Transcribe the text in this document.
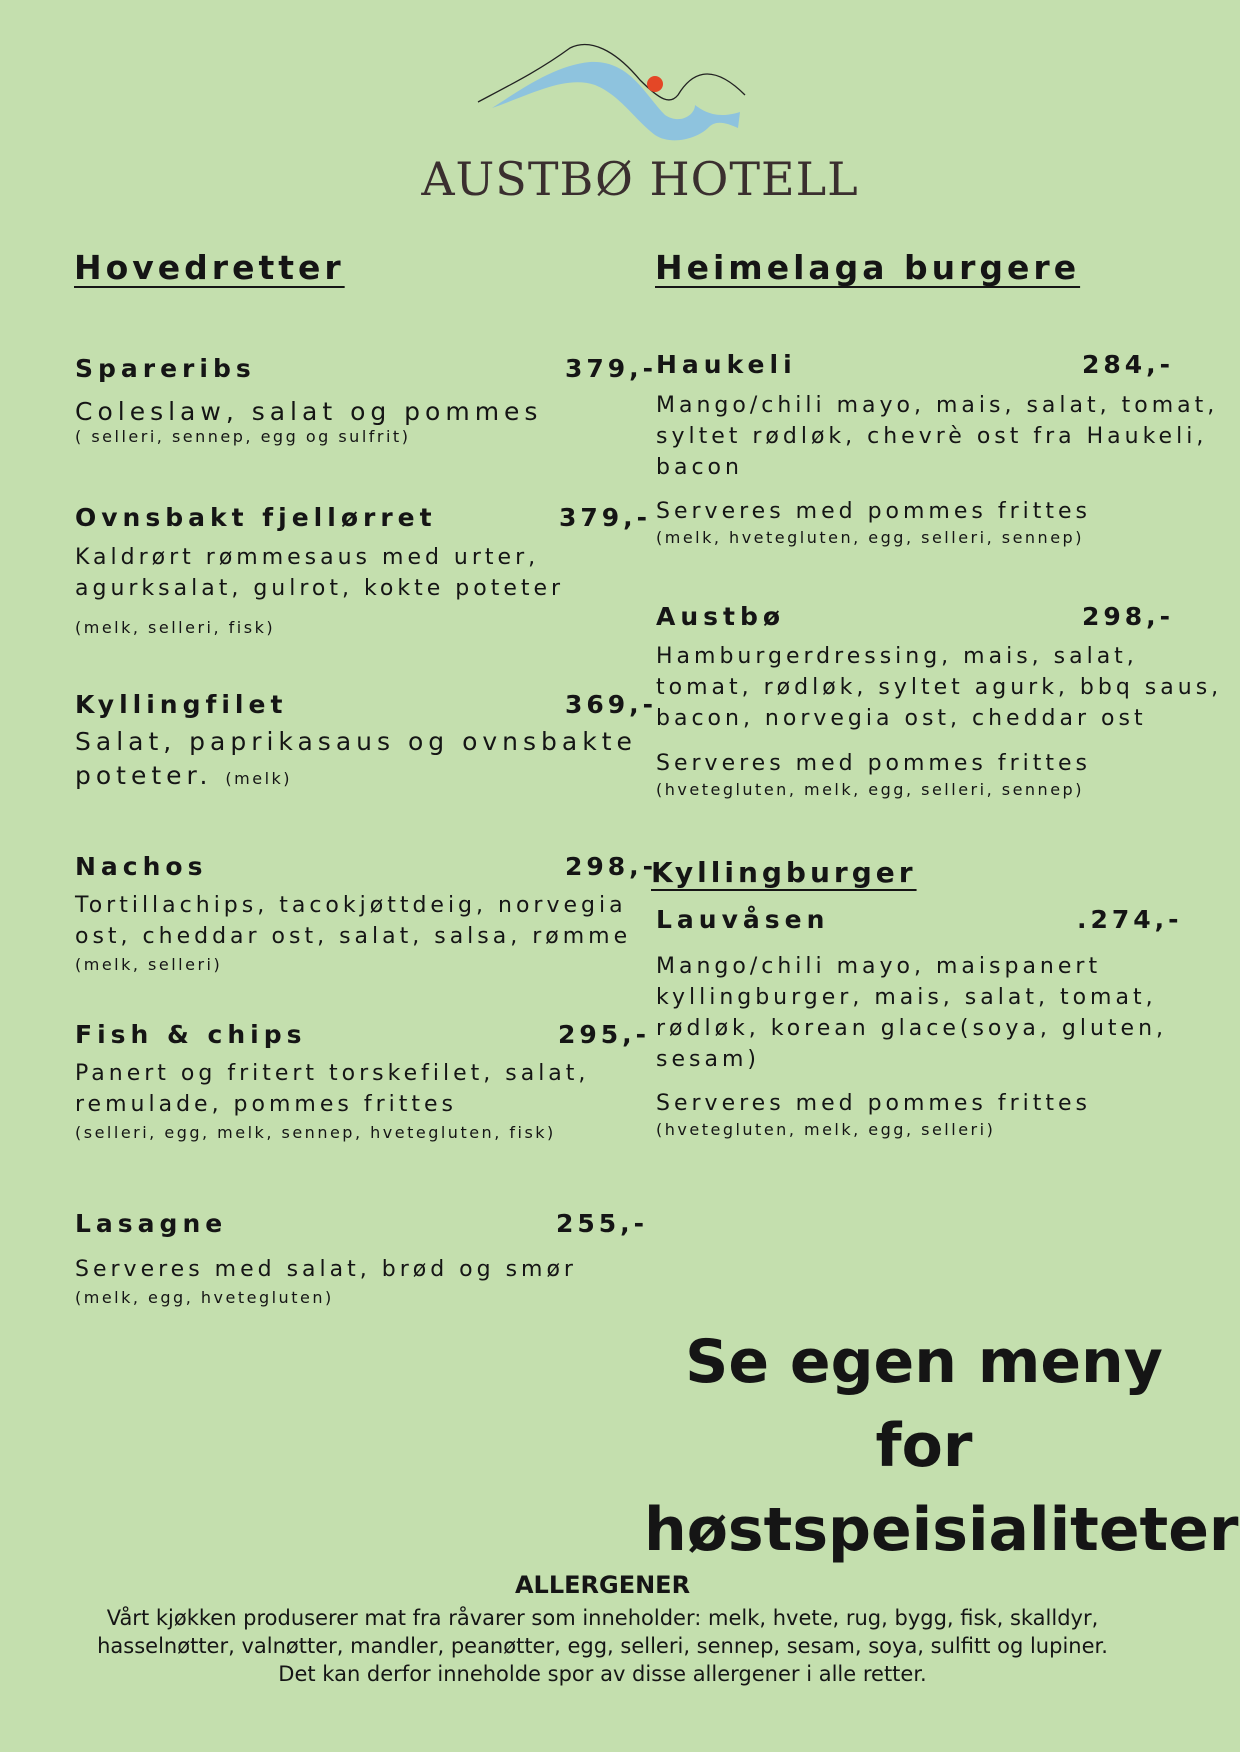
AUSTBØ HOTELL
Hovedretter
Spareribs	379,-
Coleslaw, salat og pommes
( selleri, sennep, egg og sulfrit)
Ovnsbakt fjellørret	379,-
Kaldrørt rømmesaus med urter,
agurksalat, gulrot, kokte poteter
(melk, selleri, fisk)
Kyllingfilet	369,-
Salat, paprikasaus og ovnsbakte
poteter. (melk)
Nachos	298,-
Tortillachips, tacokjøttdeig, norvegia
ost, cheddar ost, salat, salsa, rømme
(melk, selleri)
Fish & chips	295,-
Panert og fritert torskefilet, salat,
remulade, pommes frittes
(selleri, egg, melk, sennep, hvetegluten, fisk)
Lasagne	255,-
Serveres med salat, brød og smør
(melk, egg, hvetegluten)
Heimelaga burgere
Haukeli	284,-
Mango/chili mayo, mais, salat, tomat,
syltet rødløk, chevrè ost fra Haukeli,
bacon
Serveres med pommes frittes
(melk, hvetegluten, egg, selleri, sennep)
Austbø	298,-
Hamburgerdressing, mais, salat,
tomat, rødløk, syltet agurk, bbq saus,
bacon, norvegia ost, cheddar ost
Serveres med pommes frittes
(hvetegluten, melk, egg, selleri, sennep)
Kyllingburger
Lauvåsen	.274,-
Mango/chili mayo, maispanert
kyllingburger, mais, salat, tomat,
rødløk, korean glace(soya, gluten,
sesam)
Serveres med pommes frittes
(hvetegluten, melk, egg, selleri)
Se egen meny for
høstspeisialiteter
ALLERGENER
Vårt kjøkken produserer mat fra råvarer som inneholder: melk, hvete, rug, bygg, fisk, skalldyr,
hasselnøtter, valnøtter, mandler, peanøtter, egg, selleri, sennep, sesam, soya, sulfitt og lupiner.
Det kan derfor inneholde spor av disse allergener i alle retter.
